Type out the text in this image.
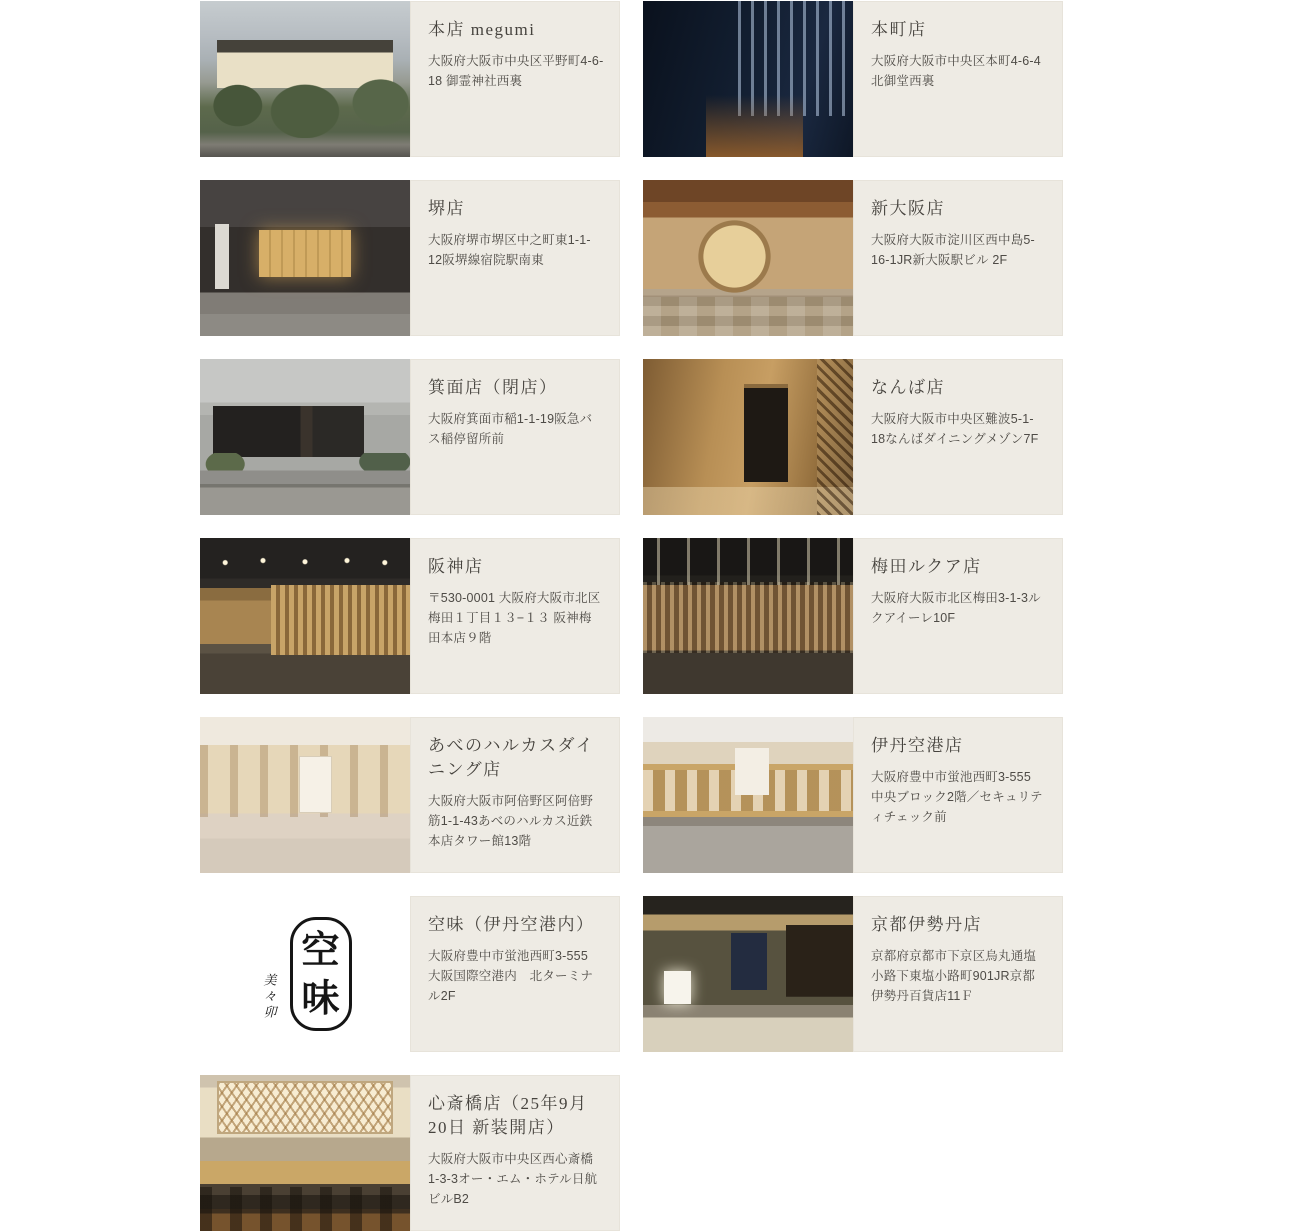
本店 megumi

大阪府大阪市中央区平野町4-6-18 御霊神社西裏

本町店

大阪府大阪市中央区本町4-6-4北御堂西裏

堺店

大阪府堺市堺区中之町東1-1-12阪堺線宿院駅南東

新大阪店

大阪府大阪市淀川区西中島5-16-1JR新大阪駅ビル 2F

箕面店（閉店）

大阪府箕面市稲1-1-19阪急バス稲停留所前

なんば店

大阪府大阪市中央区難波5-1-18なんばダイニングメゾン7F

阪神店

〒530-0001 大阪府大阪市北区梅田１丁目１３−１３ 阪神梅田本店９階

梅田ルクア店

大阪府大阪市北区梅田3-1-3ルクアイーレ10F

あべのハルカスダイニング店

大阪府大阪市阿倍野区阿倍野筋1-1-43あべのハルカス近鉄本店タワー館13階

伊丹空港店

大阪府豊中市蛍池西町3-555　中央ブロック2階／セキュリティチェック前

美々卯
空
味
空味（伊丹空港内）

大阪府豊中市蛍池西町3-555　大阪国際空港内　北ターミナル2F

京都伊勢丹店

京都府京都市下京区烏丸通塩小路下東塩小路町901JR京都伊勢丹百貨店11Ｆ

心斎橋店（25年9月20日 新装開店）

大阪府大阪市中央区西心斎橋1-3-3オー・エム・ホテル日航ビルB2
